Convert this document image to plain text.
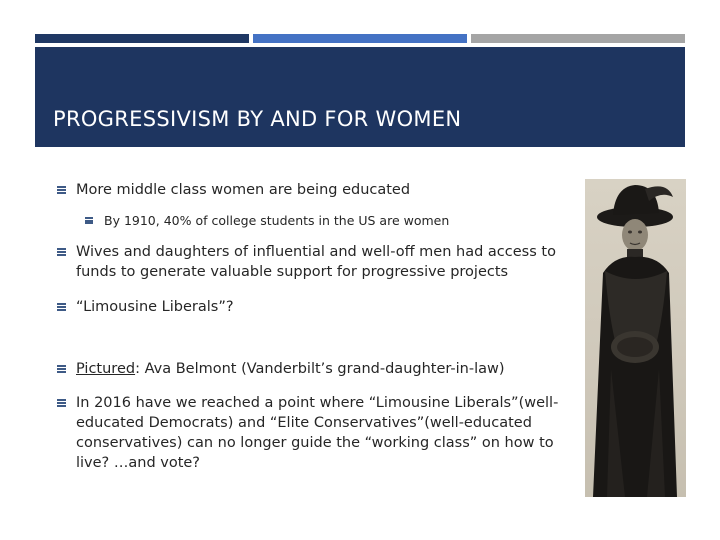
PROGRESSIVISM BY AND FOR WOMEN
More middle class women are being educated
By 1910, 40% of college students in the US are women
Wives and daughters of influential and well-off men had access to
funds to generate valuable support for progressive projects
“Limousine Liberals”?
Pictured: Ava Belmont (Vanderbilt’s grand-daughter-in-law)
In 2016 have we reached a point where “Limousine Liberals”(well-
educated Democrats) and “Elite Conservatives”(well-educated
conservatives) can no longer guide the “working class” on how to
live? …and vote?
